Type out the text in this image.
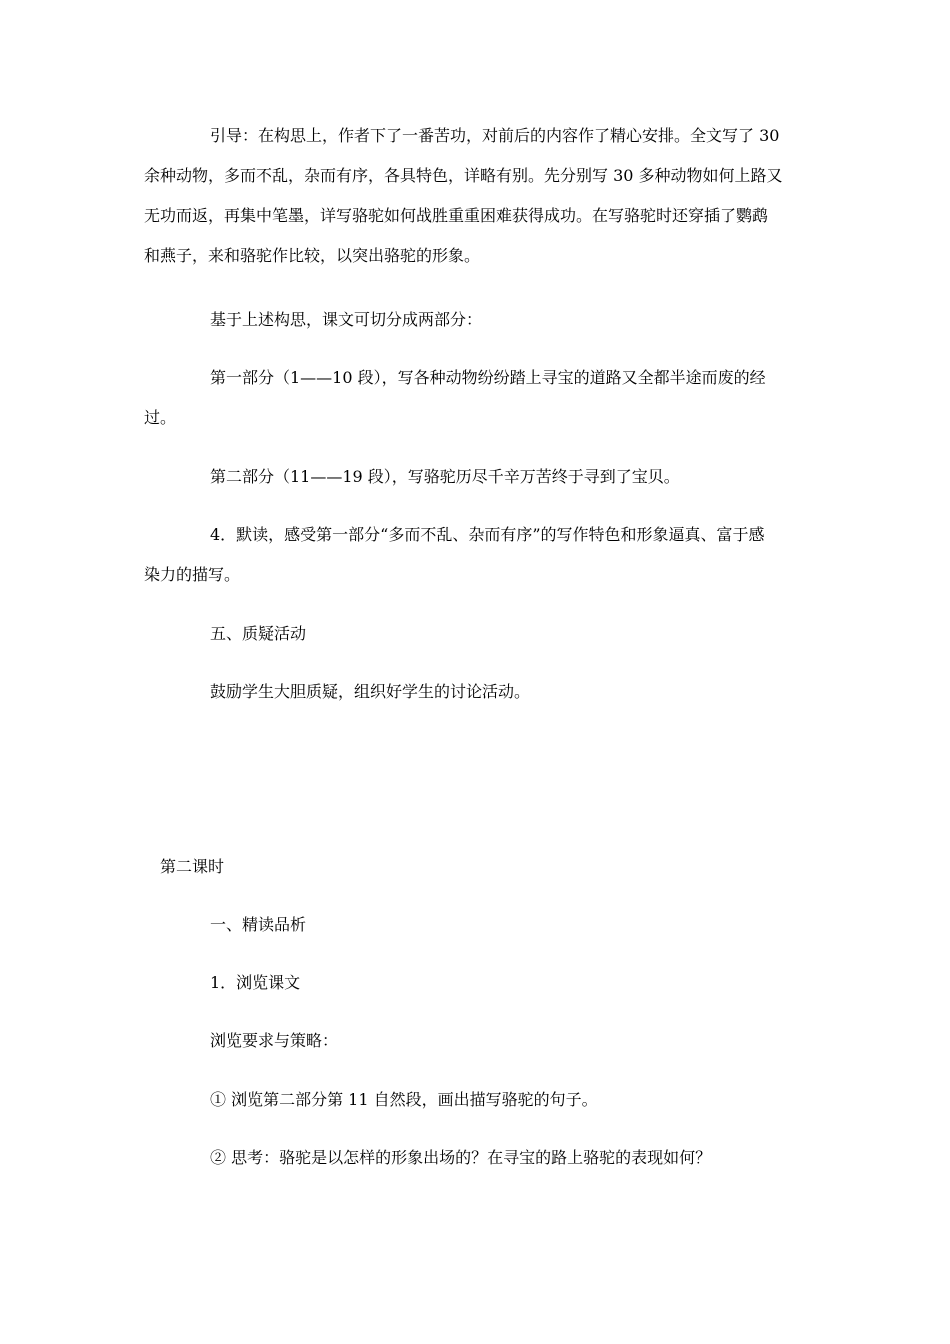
引导：在构思上，作者下了一番苦功，对前后的内容作了精心安排。全文写了 30
余种动物，多而不乱，杂而有序，各具特色，详略有别。先分别写 30 多种动物如何上路又
无功而返，再集中笔墨，详写骆驼如何战胜重重困难获得成功。在写骆驼时还穿插了鹦鹉
和燕子，来和骆驼作比较，以突出骆驼的形象。
基于上述构思，课文可切分成两部分：
第一部分（1——10 段），写各种动物纷纷踏上寻宝的道路又全都半途而废的经
过。
第二部分（11——19 段），写骆驼历尽千辛万苦终于寻到了宝贝。
4．默读，感受第一部分“多而不乱、杂而有序”的写作特色和形象逼真、富于感
染力的描写。
五、质疑活动
鼓励学生大胆质疑，组织好学生的讨论活动。
第二课时
一、精读品析
1．浏览课文
浏览要求与策略：
① 浏览第二部分第 11 自然段，画出描写骆驼的句子。
② 思考：骆驼是以怎样的形象出场的？在寻宝的路上骆驼的表现如何？
